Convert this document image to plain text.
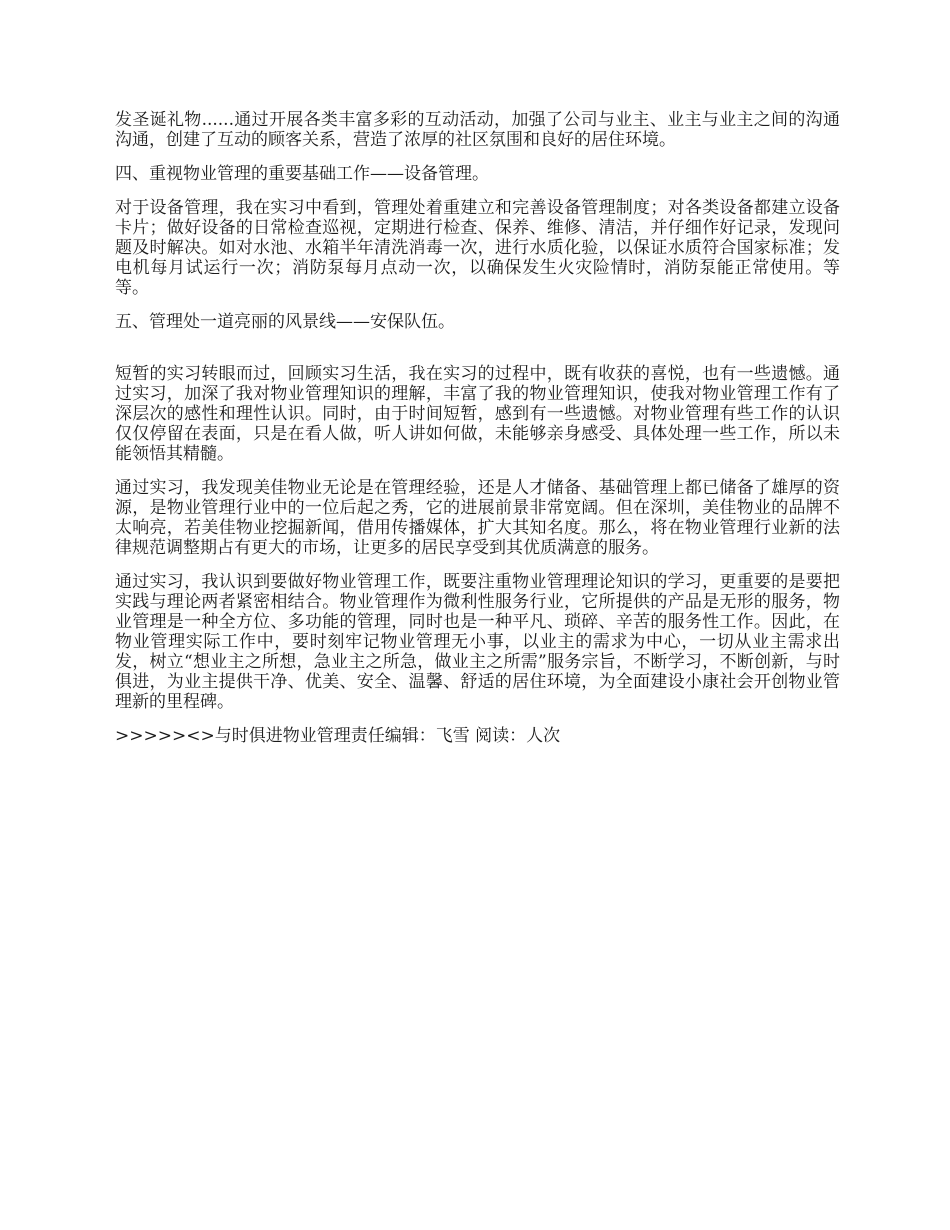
发圣诞礼物......通过开展各类丰富多彩的互动活动，加强了公司与业主、业主与业主之间的沟通沟通，创建了互动的顾客关系，营造了浓厚的社区氛围和良好的居住环境。

四、重视物业管理的重要基础工作——设备管理。

对于设备管理，我在实习中看到，管理处着重建立和完善设备管理制度；对各类设备都建立设备卡片；做好设备的日常检查巡视，定期进行检查、保养、维修、清洁，并仔细作好记录，发现问题及时解决。如对水池、水箱半年清洗消毒一次，进行水质化验，以保证水质符合国家标准；发电机每月试运行一次；消防泵每月点动一次，以确保发生火灾险情时，消防泵能正常使用。等等。

五、管理处一道亮丽的风景线——安保队伍。

短暂的实习转眼而过，回顾实习生活，我在实习的过程中，既有收获的喜悦，也有一些遗憾。通过实习，加深了我对物业管理知识的理解，丰富了我的物业管理知识，使我对物业管理工作有了深层次的感性和理性认识。同时，由于时间短暂，感到有一些遗憾。对物业管理有些工作的认识仅仅停留在表面，只是在看人做，听人讲如何做，未能够亲身感受、具体处理一些工作，所以未能领悟其精髓。

通过实习，我发现美佳物业无论是在管理经验，还是人才储备、基础管理上都已储备了雄厚的资源，是物业管理行业中的一位后起之秀，它的进展前景非常宽阔。但在深圳，美佳物业的品牌不太响亮，若美佳物业挖掘新闻，借用传播媒体，扩大其知名度。那么，将在物业管理行业新的法律规范调整期占有更大的市场，让更多的居民享受到其优质满意的服务。

通过实习，我认识到要做好物业管理工作，既要注重物业管理理论知识的学习，更重要的是要把实践与理论两者紧密相结合。物业管理作为微利性服务行业，它所提供的产品是无形的服务，物业管理是一种全方位、多功能的管理，同时也是一种平凡、琐碎、辛苦的服务性工作。因此，在物业管理实际工作中，要时刻牢记物业管理无小事，以业主的需求为中心，一切从业主需求出发，树立“想业主之所想，急业主之所急，做业主之所需”服务宗旨，不断学习，不断创新，与时俱进，为业主提供干净、优美、安全、温馨、舒适的居住环境，为全面建设小康社会开创物业管理新的里程碑。

>>>>><>与时俱进物业管理责任编辑：飞雪 阅读：人次
